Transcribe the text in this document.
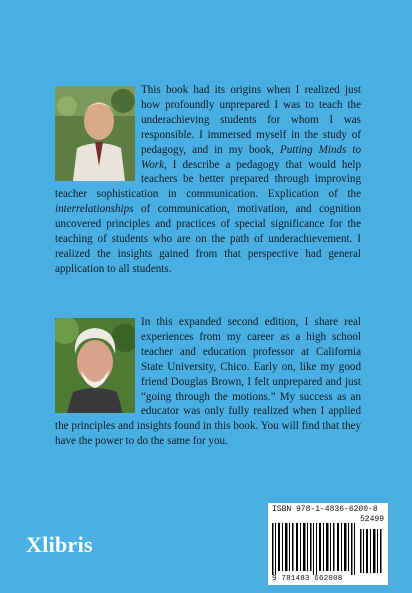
This book had its origins when I realized just how profoundly unprepared I was to teach the underachieving students for whom I was responsible. I immersed myself in the study of pedagogy, and in my book, Putting Minds to Work, I describe a pedagogy that would help teachers be better prepared through improving teacher sophistication in communication. Explication of the interrelationships of communication, motivation, and cognition uncovered principles and practices of special significance for the teaching of students who are on the path of underachievement. I realized the insights gained from that perspective had general application to all students.

In this expanded second edition, I share real experiences from my career as a high school teacher and education professor at California State University, Chico. Early on, like my good friend Douglas Brown, I felt unprepared and just “going through the motions.” My success as an educator was only fully realized when I applied the principles and insights found in this book. You will find that they have the power to do the same for you.

Xlibris
ISBN 978-1-4836-6200-8
52499
9 781483 662008
